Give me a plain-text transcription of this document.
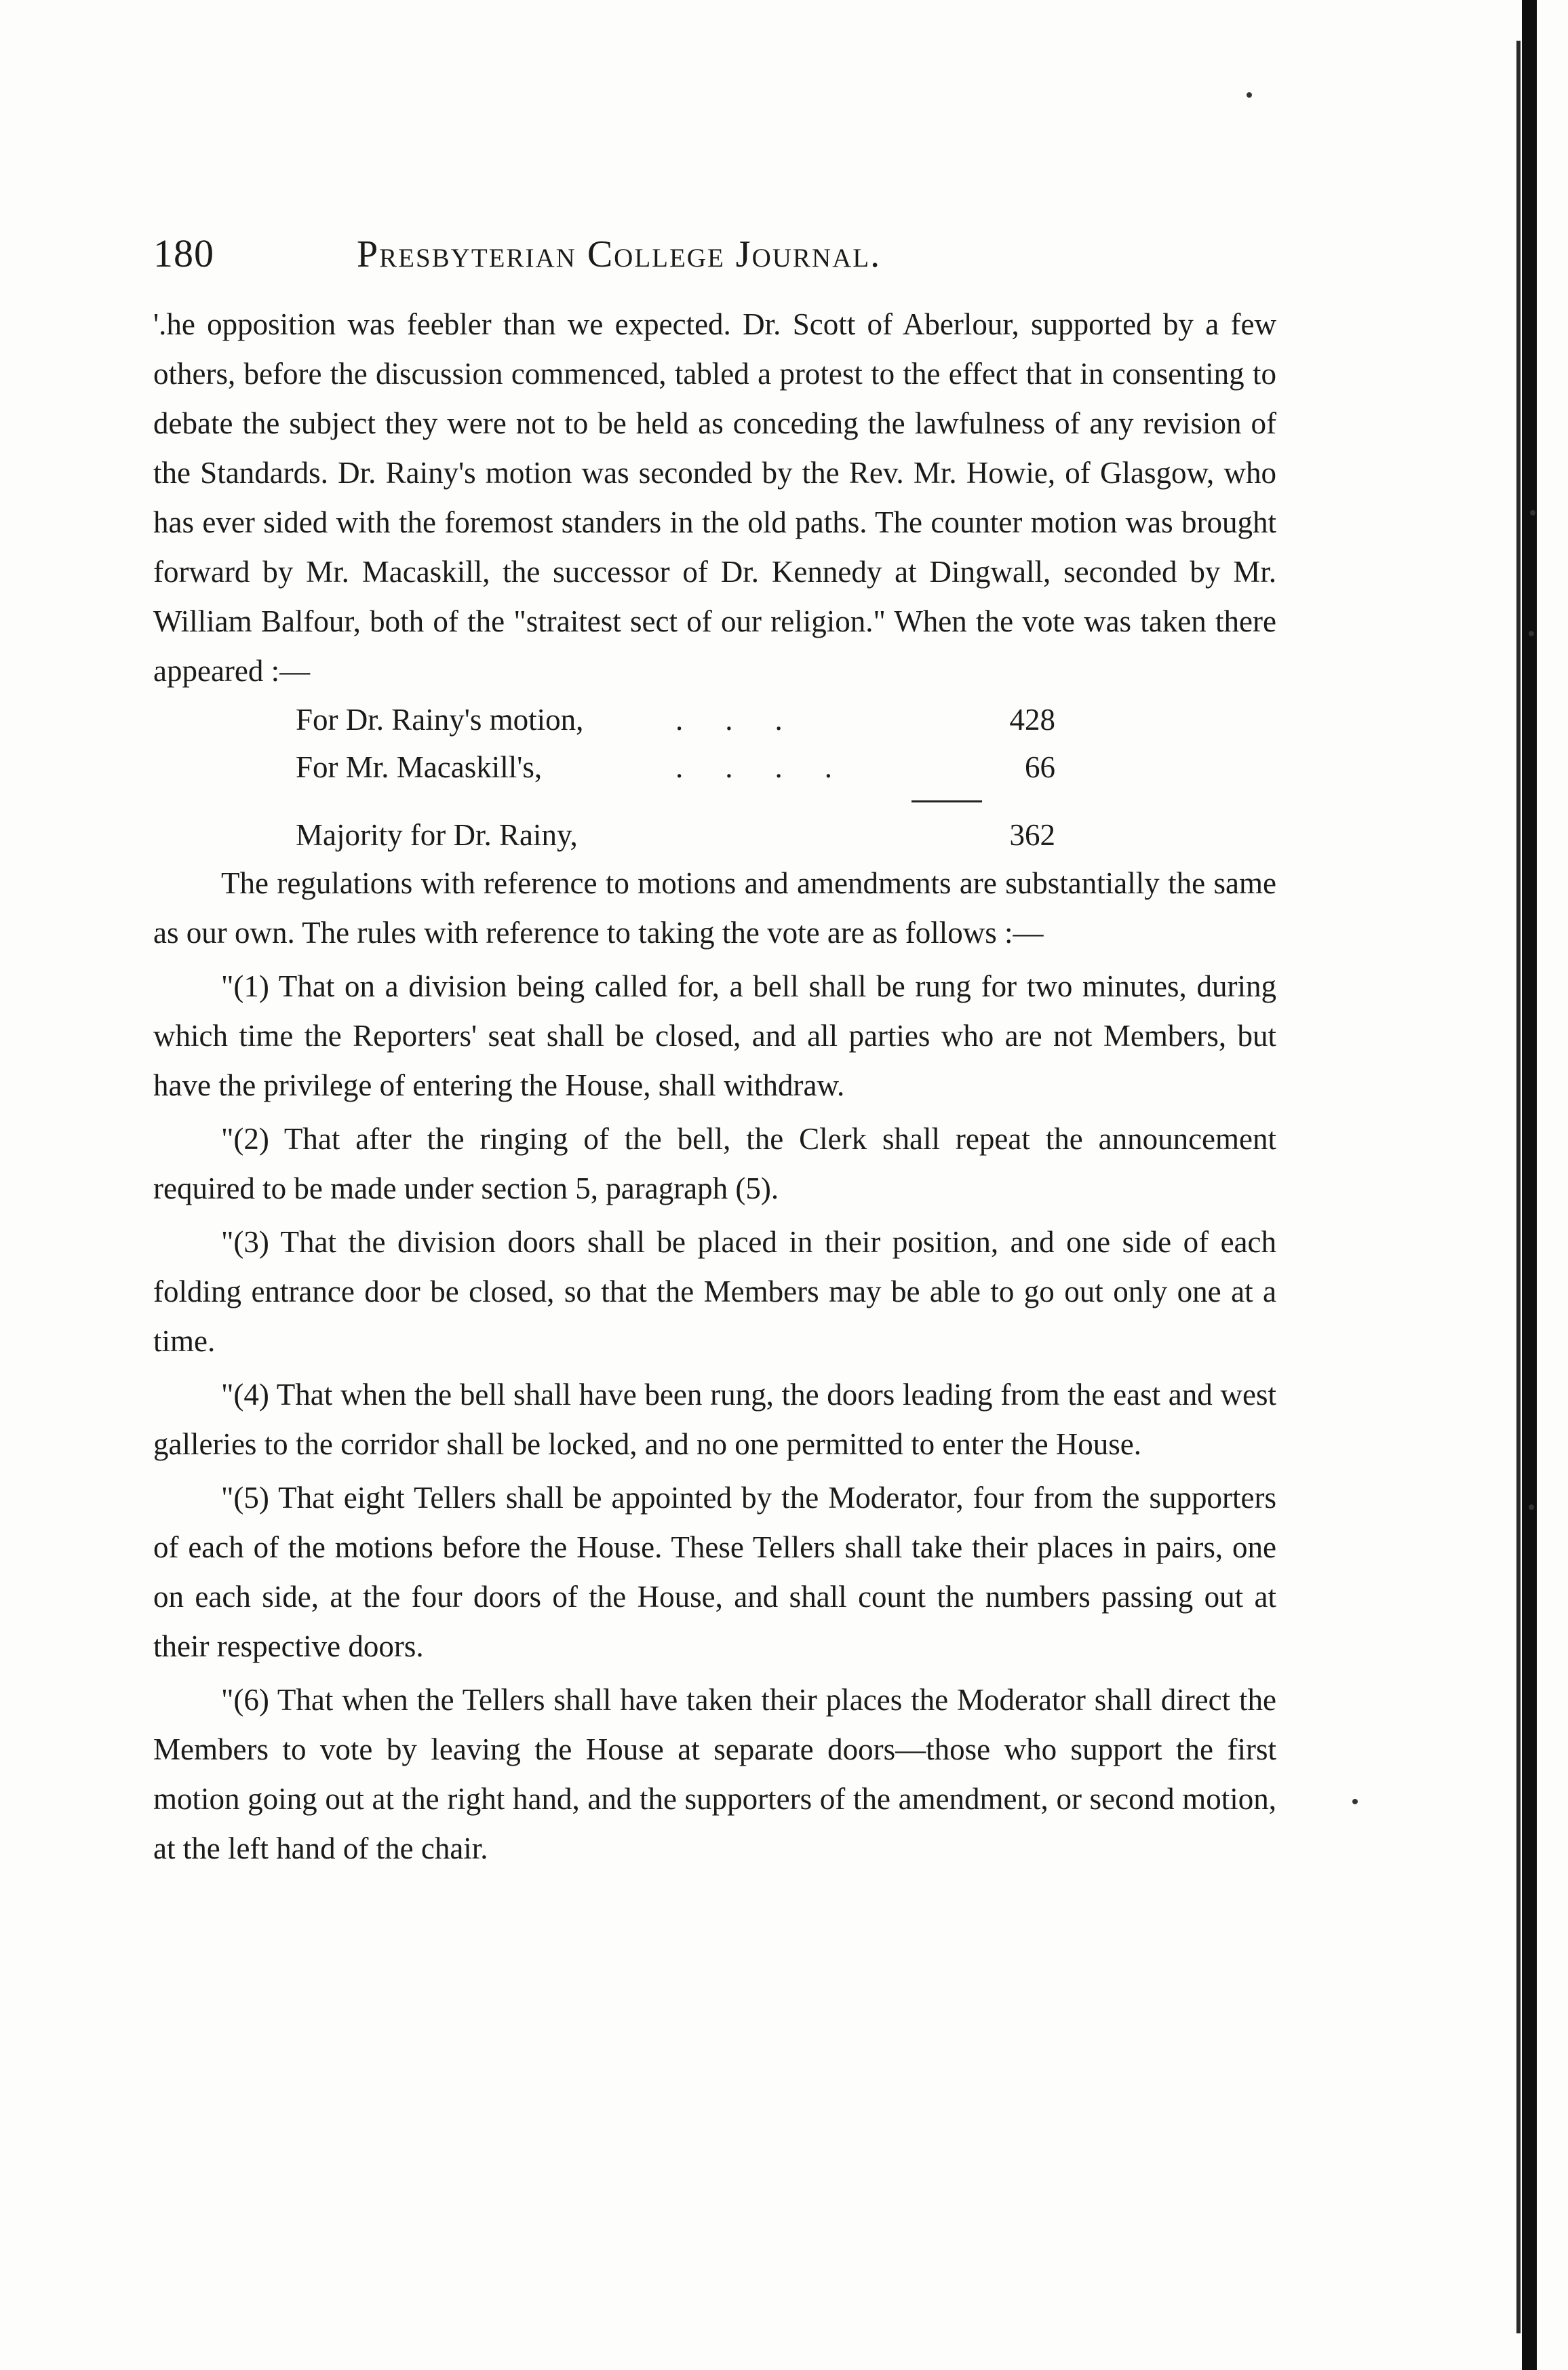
180	Presbyterian College Journal.

'.he opposition was feebler than we expected. Dr. Scott of Aberlour, supported by a few others, before the discussion commenced, tabled a protest to the effect that in consenting to debate the subject they were not to be held as conceding the lawfulness of any revision of the Standards. Dr. Rainy's motion was seconded by the Rev. Mr. Howie, of Glasgow, who has ever sided with the foremost standers in the old paths. The counter motion was brought forward by Mr. Macaskill, the successor of Dr. Kennedy at Dingwall, seconded by Mr. William Balfour, both of the "straitest sect of our religion." When the vote was taken there appeared :—

For Dr. Rainy's motion,	...	428
For Mr. Macaskill's,	....	66
Majority for Dr. Rainy,	362

The regulations with reference to motions and amendments are substantially the same as our own. The rules with reference to taking the vote are as follows :—

"(1) That on a division being called for, a bell shall be rung for two minutes, during which time the Reporters' seat shall be closed, and all parties who are not Members, but have the privilege of entering the House, shall withdraw.

"(2) That after the ringing of the bell, the Clerk shall repeat the announcement required to be made under section 5, paragraph (5).

"(3) That the division doors shall be placed in their position, and one side of each folding entrance door be closed, so that the Members may be able to go out only one at a time.

"(4) That when the bell shall have been rung, the doors leading from the east and west galleries to the corridor shall be locked, and no one permitted to enter the House.

"(5) That eight Tellers shall be appointed by the Moderator, four from the supporters of each of the motions before the House. These Tellers shall take their places in pairs, one on each side, at the four doors of the House, and shall count the numbers passing out at their respective doors.

"(6) That when the Tellers shall have taken their places the Moderator shall direct the Members to vote by leaving the House at separate doors—those who support the first motion going out at the right hand, and the supporters of the amendment, or second motion, at the left hand of the chair.
